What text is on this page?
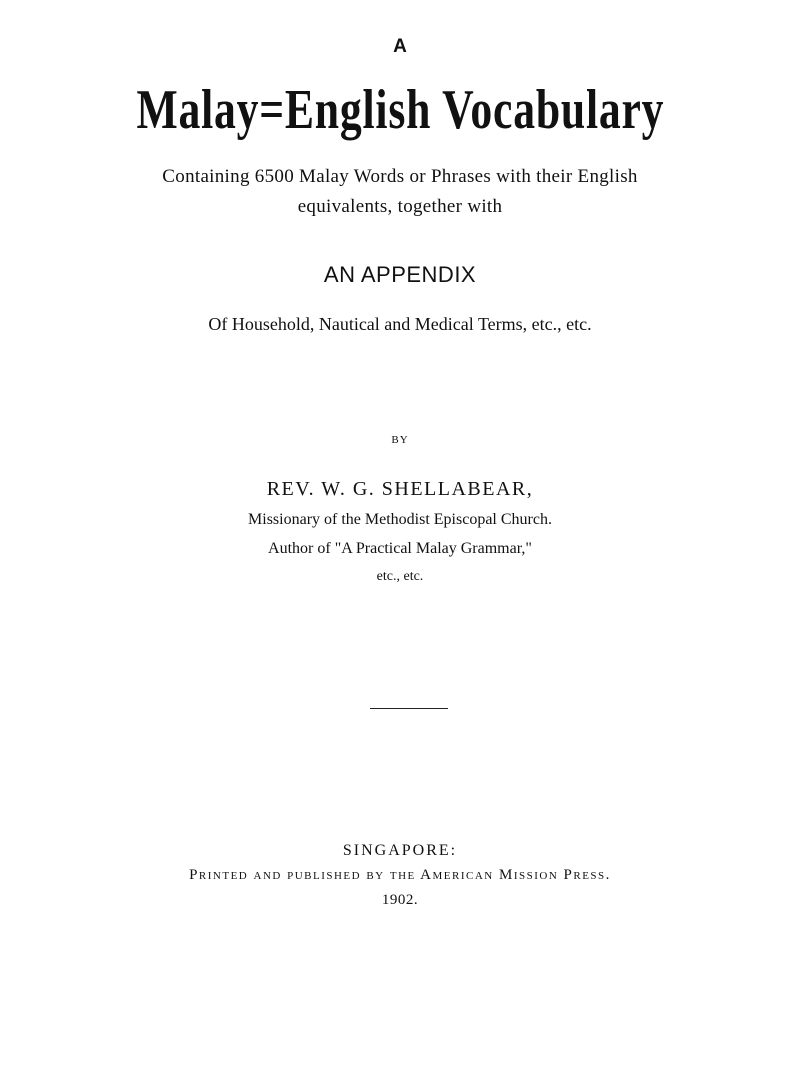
A
Malay=English Vocabulary
Containing 6500 Malay Words or Phrases with their English
equivalents, together with
AN APPENDIX
Of Household, Nautical and Medical Terms, etc., etc.
BY
REV. W. G. SHELLABEAR,
Missionary of the Methodist Episcopal Church.
Author of "A Practical Malay Grammar,"
etc., etc.
SINGAPORE:
Printed and published by the American Mission Press.
1902.
